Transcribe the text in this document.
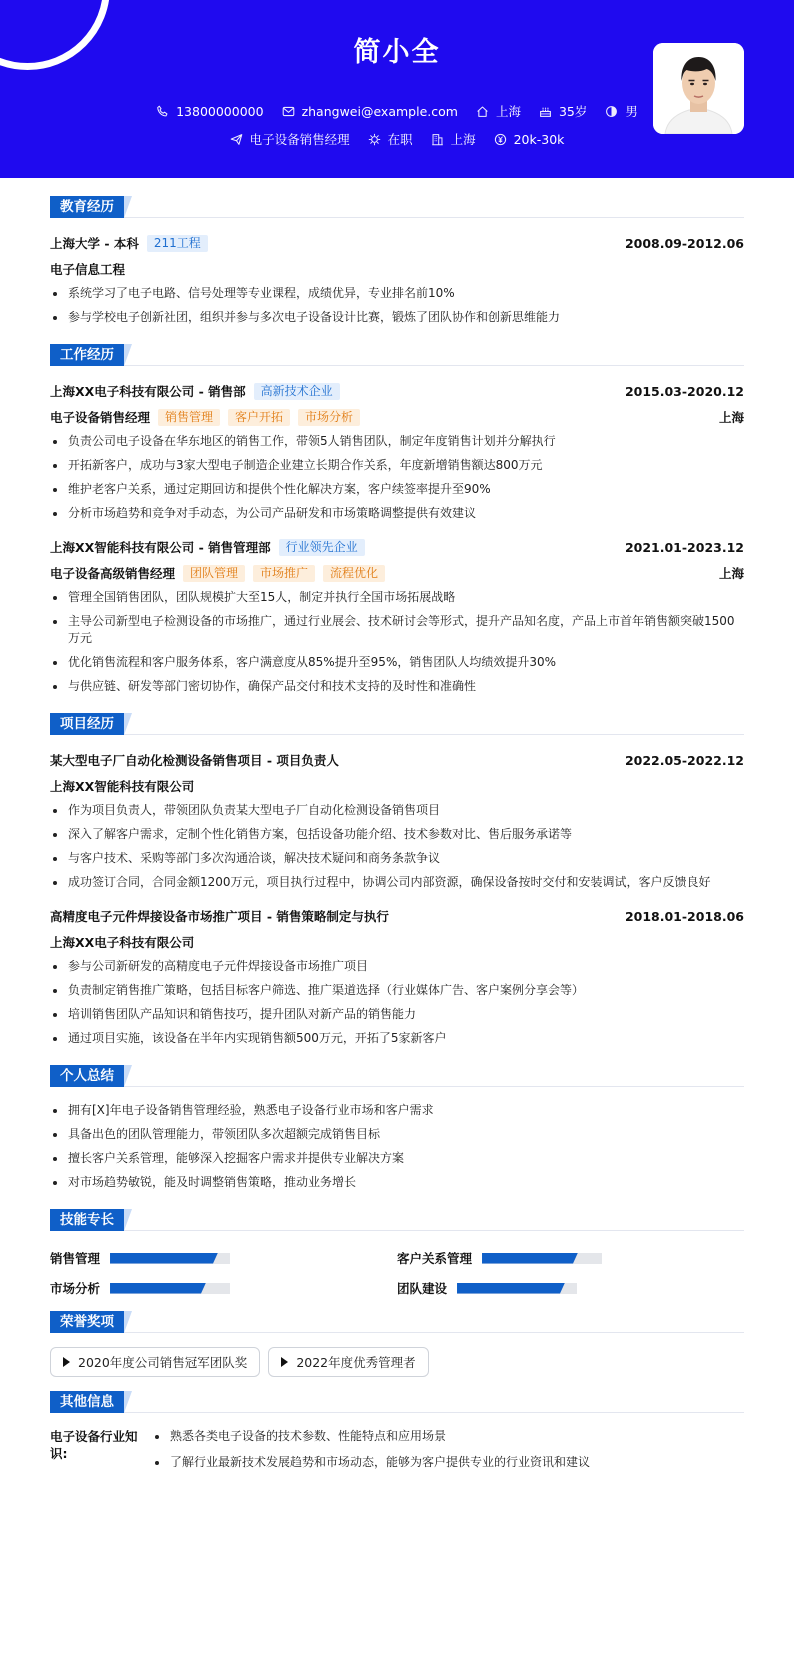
简小全
13800000000	zhangwei@example.com	上海	35岁	男
电子设备销售经理	在职	上海	20k-30k
教育经历
上海大学 - 本科	211工程	2008.09-2012.06
电子信息工程
系统学习了电子电路、信号处理等专业课程，成绩优异，专业排名前10%
参与学校电子创新社团，组织并参与多次电子设备设计比赛，锻炼了团队协作和创新思维能力
工作经历
上海XX电子科技有限公司 - 销售部	高新技术企业	2015.03-2020.12
电子设备销售经理	销售管理	客户开拓	市场分析	上海
负责公司电子设备在华东地区的销售工作，带领5人销售团队，制定年度销售计划并分解执行
开拓新客户，成功与3家大型电子制造企业建立长期合作关系，年度新增销售额达800万元
维护老客户关系，通过定期回访和提供个性化解决方案，客户续签率提升至90%
分析市场趋势和竞争对手动态，为公司产品研发和市场策略调整提供有效建议
上海XX智能科技有限公司 - 销售管理部	行业领先企业	2021.01-2023.12
电子设备高级销售经理	团队管理	市场推广	流程优化	上海
管理全国销售团队，团队规模扩大至15人，制定并执行全国市场拓展战略
主导公司新型电子检测设备的市场推广，通过行业展会、技术研讨会等形式，提升产品知名度，产品上市首年销售额突破1500万元
优化销售流程和客户服务体系，客户满意度从85%提升至95%，销售团队人均绩效提升30%
与供应链、研发等部门密切协作，确保产品交付和技术支持的及时性和准确性
项目经历
某大型电子厂自动化检测设备销售项目 - 项目负责人	2022.05-2022.12
上海XX智能科技有限公司
作为项目负责人，带领团队负责某大型电子厂自动化检测设备销售项目
深入了解客户需求，定制个性化销售方案，包括设备功能介绍、技术参数对比、售后服务承诺等
与客户技术、采购等部门多次沟通洽谈，解决技术疑问和商务条款争议
成功签订合同，合同金额1200万元，项目执行过程中，协调公司内部资源，确保设备按时交付和安装调试，客户反馈良好
高精度电子元件焊接设备市场推广项目 - 销售策略制定与执行	2018.01-2018.06
上海XX电子科技有限公司
参与公司新研发的高精度电子元件焊接设备市场推广项目
负责制定销售推广策略，包括目标客户筛选、推广渠道选择（行业媒体广告、客户案例分享会等）
培训销售团队产品知识和销售技巧，提升团队对新产品的销售能力
通过项目实施，该设备在半年内实现销售额500万元，开拓了5家新客户
个人总结
拥有[X]年电子设备销售管理经验，熟悉电子设备行业市场和客户需求
具备出色的团队管理能力，带领团队多次超额完成销售目标
擅长客户关系管理，能够深入挖掘客户需求并提供专业解决方案
对市场趋势敏锐，能及时调整销售策略，推动业务增长
技能专长
销售管理	客户关系管理
市场分析	团队建设
荣誉奖项
2020年度公司销售冠军团队奖	2022年度优秀管理者
其他信息
电子设备行业知识:
熟悉各类电子设备的技术参数、性能特点和应用场景
了解行业最新技术发展趋势和市场动态，能够为客户提供专业的行业资讯和建议
